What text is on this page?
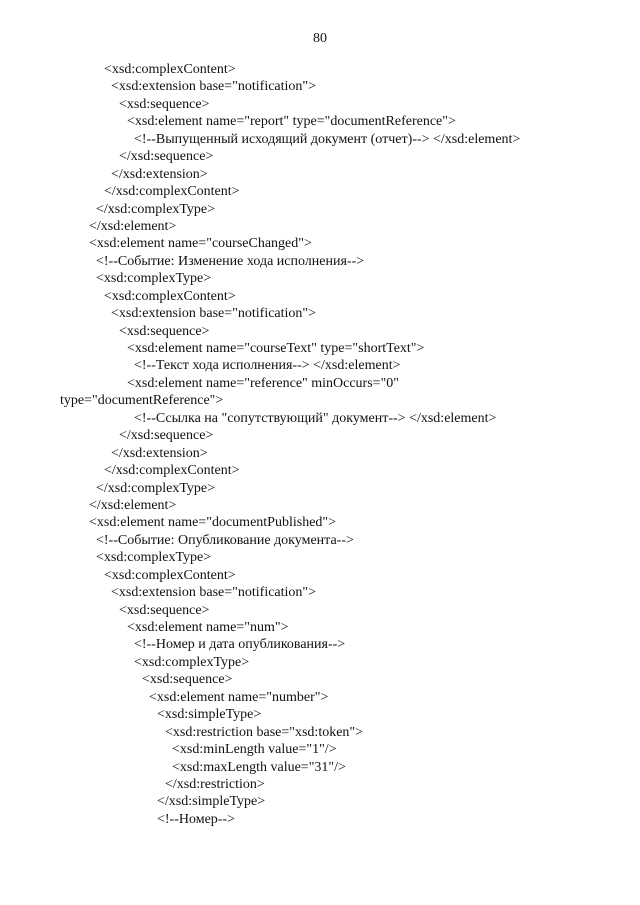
80
<xsd:complexContent>
<xsd:extension base="notification">
<xsd:sequence>
<xsd:element name="report" type="documentReference">
<!--Выпущенный исходящий документ (отчет)--> </xsd:element>
</xsd:sequence>
</xsd:extension>
</xsd:complexContent>
</xsd:complexType>
</xsd:element>
<xsd:element name="courseChanged">
<!--Событие: Изменение хода исполнения-->
<xsd:complexType>
<xsd:complexContent>
<xsd:extension base="notification">
<xsd:sequence>
<xsd:element name="courseText" type="shortText">
<!--Текст хода исполнения--> </xsd:element>
<xsd:element name="reference" minOccurs="0"
type="documentReference">
<!--Ссылка на "сопутствующий" документ--> </xsd:element>
</xsd:sequence>
</xsd:extension>
</xsd:complexContent>
</xsd:complexType>
</xsd:element>
<xsd:element name="documentPublished">
<!--Событие: Опубликование документа-->
<xsd:complexType>
<xsd:complexContent>
<xsd:extension base="notification">
<xsd:sequence>
<xsd:element name="num">
<!--Номер и дата опубликования-->
<xsd:complexType>
<xsd:sequence>
<xsd:element name="number">
<xsd:simpleType>
<xsd:restriction base="xsd:token">
<xsd:minLength value="1"/>
<xsd:maxLength value="31"/>
</xsd:restriction>
</xsd:simpleType>
<!--Номер-->
